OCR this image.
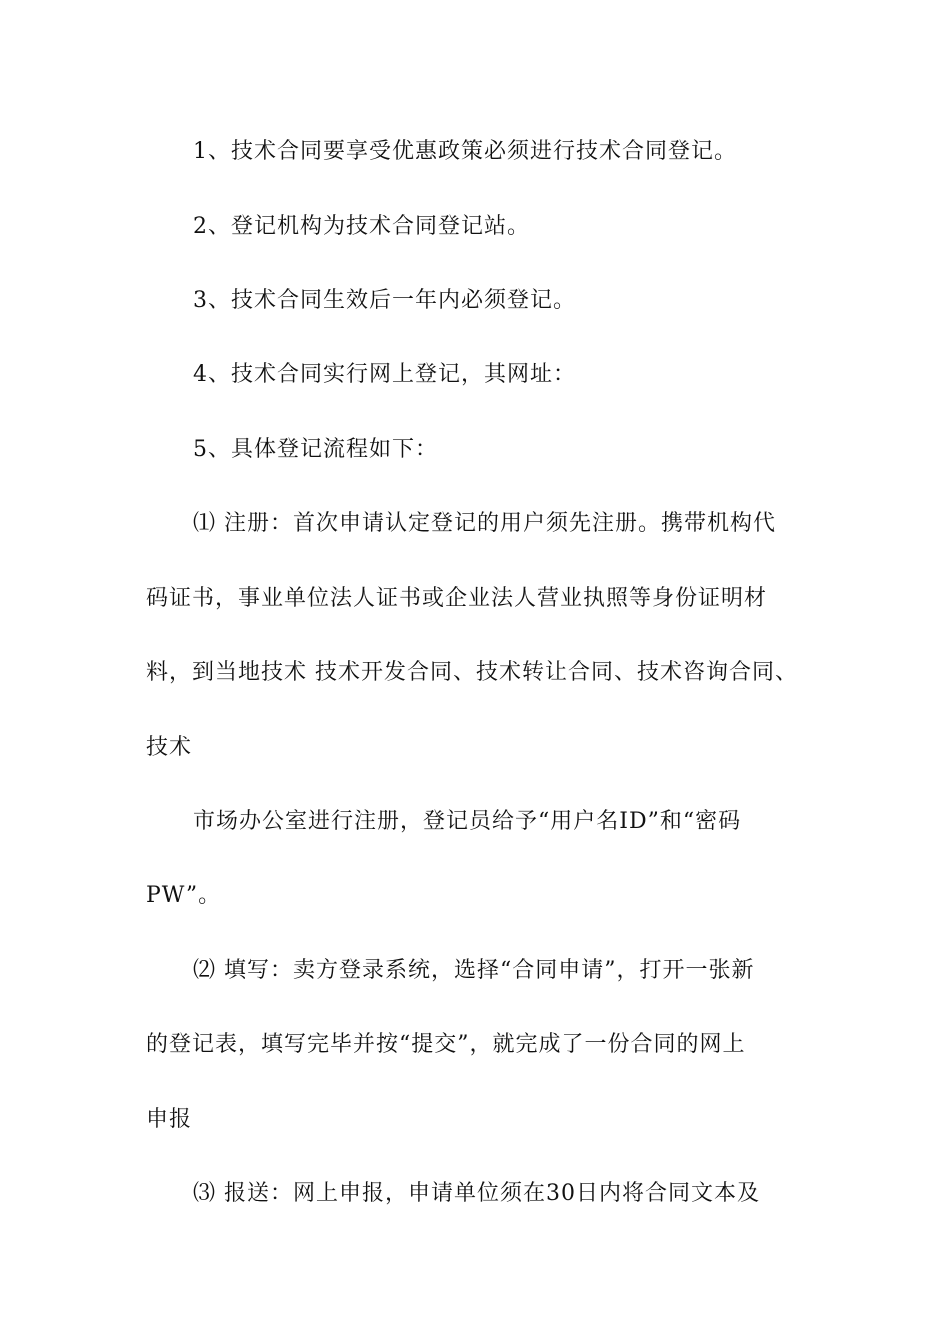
1、技术合同要享受优惠政策必须进行技术合同登记。
2、登记机构为技术合同登记站。
3、技术合同生效后一年内必须登记。
4、技术合同实行网上登记，其网址：
5、具体登记流程如下：
⑴ 注册：首次申请认定登记的用户须先注册。携带机构代
码证书，事业单位法人证书或企业法人营业执照等身份证明材
料，到当地技术 技术开发合同、技术转让合同、技术咨询合同、
技术
市场办公室进行注册，登记员给予“用户名ID”和“密码
PW”。
⑵ 填写：卖方登录系统，选择“合同申请”，打开一张新
的登记表，填写完毕并按“提交”，就完成了一份合同的网上
申报
⑶ 报送：网上申报，申请单位须在30日内将合同文本及
